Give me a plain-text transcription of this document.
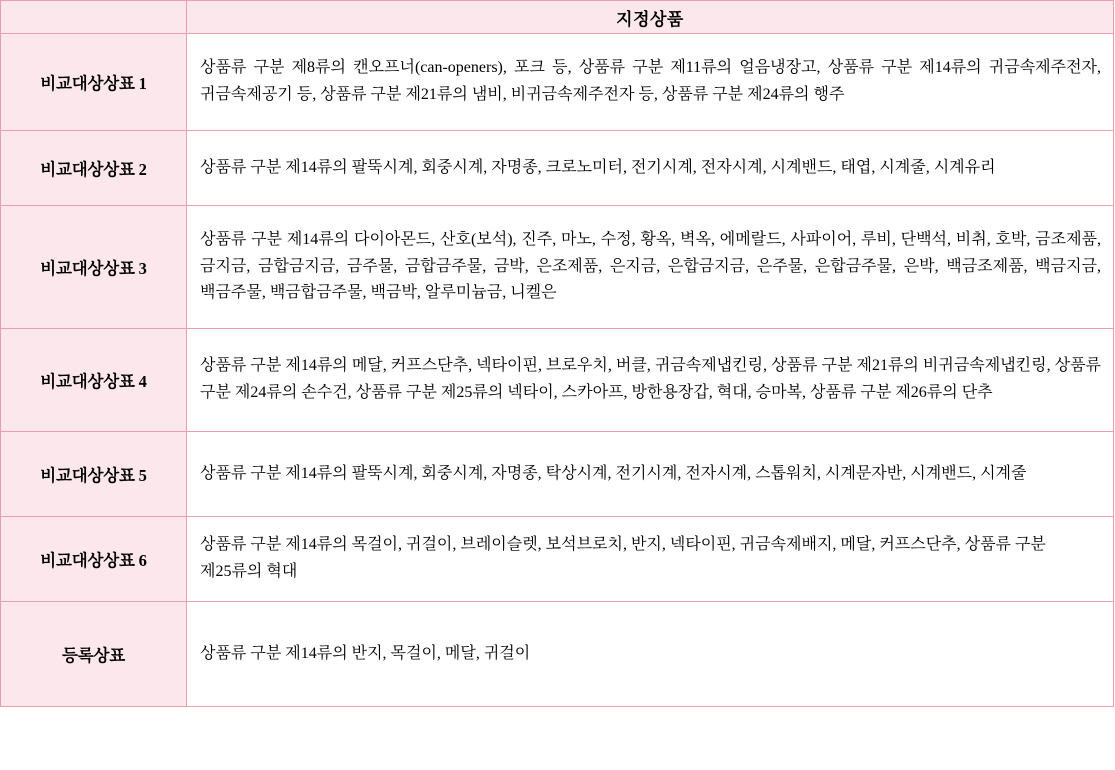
	지정상품
비교대상상표 1	상품류 구분 제8류의 캔오프너(can-openers), 포크 등, 상품류 구분 제11류의 얼음냉장고, 상품류 구분 제14류의 귀금속제주전자, 귀금속제공기 등, 상품류 구분 제21류의 냄비, 비귀금속제주전자 등, 상품류 구분 제24류의 행주
비교대상상표 2	상품류 구분 제14류의 팔뚝시계, 회중시계, 자명종, 크로노미터, 전기시계, 전자시계, 시계밴드, 태엽, 시계줄, 시계유리
비교대상상표 3	상품류 구분 제14류의 다이아몬드, 산호(보석), 진주, 마노, 수정, 황옥, 벽옥, 에메랄드, 사파이어, 루비, 단백석, 비취, 호박, 금조제품, 금지금, 금합금지금, 금주물, 금합금주물, 금박, 은조제품, 은지금, 은합금지금, 은주물, 은합금주물, 은박, 백금조제품, 백금지금, 백금주물, 백금합금주물, 백금박, 알루미늄금, 니켈은
비교대상상표 4	상품류 구분 제14류의 메달, 커프스단추, 넥타이핀, 브로우치, 버클, 귀금속제냅킨링, 상품류 구분 제21류의 비귀금속제냅킨링, 상품류 구분 제24류의 손수건, 상품류 구분 제25류의 넥타이, 스카아프, 방한용장갑, 혁대, 승마복, 상품류 구분 제26류의 단추
비교대상상표 5	상품류 구분 제14류의 팔뚝시계, 회중시계, 자명종, 탁상시계, 전기시계, 전자시계, 스톱워치, 시계문자반, 시계밴드, 시계줄
비교대상상표 6	상품류 구분 제14류의 목걸이, 귀걸이, 브레이슬렛, 보석브로치, 반지, 넥타이핀, 귀금속제배지, 메달, 커프스단추, 상품류 구분 제25류의 혁대
등록상표	상품류 구분 제14류의 반지, 목걸이, 메달, 귀걸이
